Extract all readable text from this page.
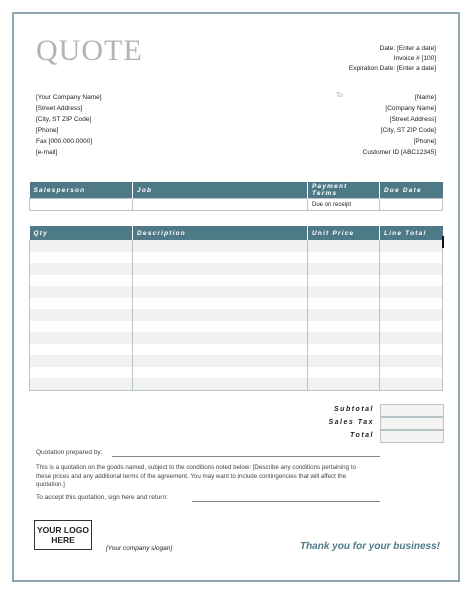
QUOTE	Date: [Enter a date]
Invoice # [100]
Expiration Date: [Enter a date]
[Your Company Name]
[Street Address]
[City, ST ZIP Code]
[Phone]
Fax [000.000.0000]
[e-mail]
To	[Name]
[Company Name]
[Street Address]
[City, ST ZIP Code]
[Phone]
Customer ID [ABC12345]
Salesperson	Job	Payment Terms	Due Date
		Due on receipt	
Qty	Description	Unit Price	Line Total

Subtotal
Sales Tax
Total
Quotation prepared by:
This is a quotation on the goods named, subject to the conditions noted below: [Describe any conditions pertaining to these prices and any additional terms of the agreement. You may want to include contingencies that will affect the quotation.]
To accept this quotation, sign here and return:
YOUR LOGO HERE
[Your company slogan]	Thank you for your business!
